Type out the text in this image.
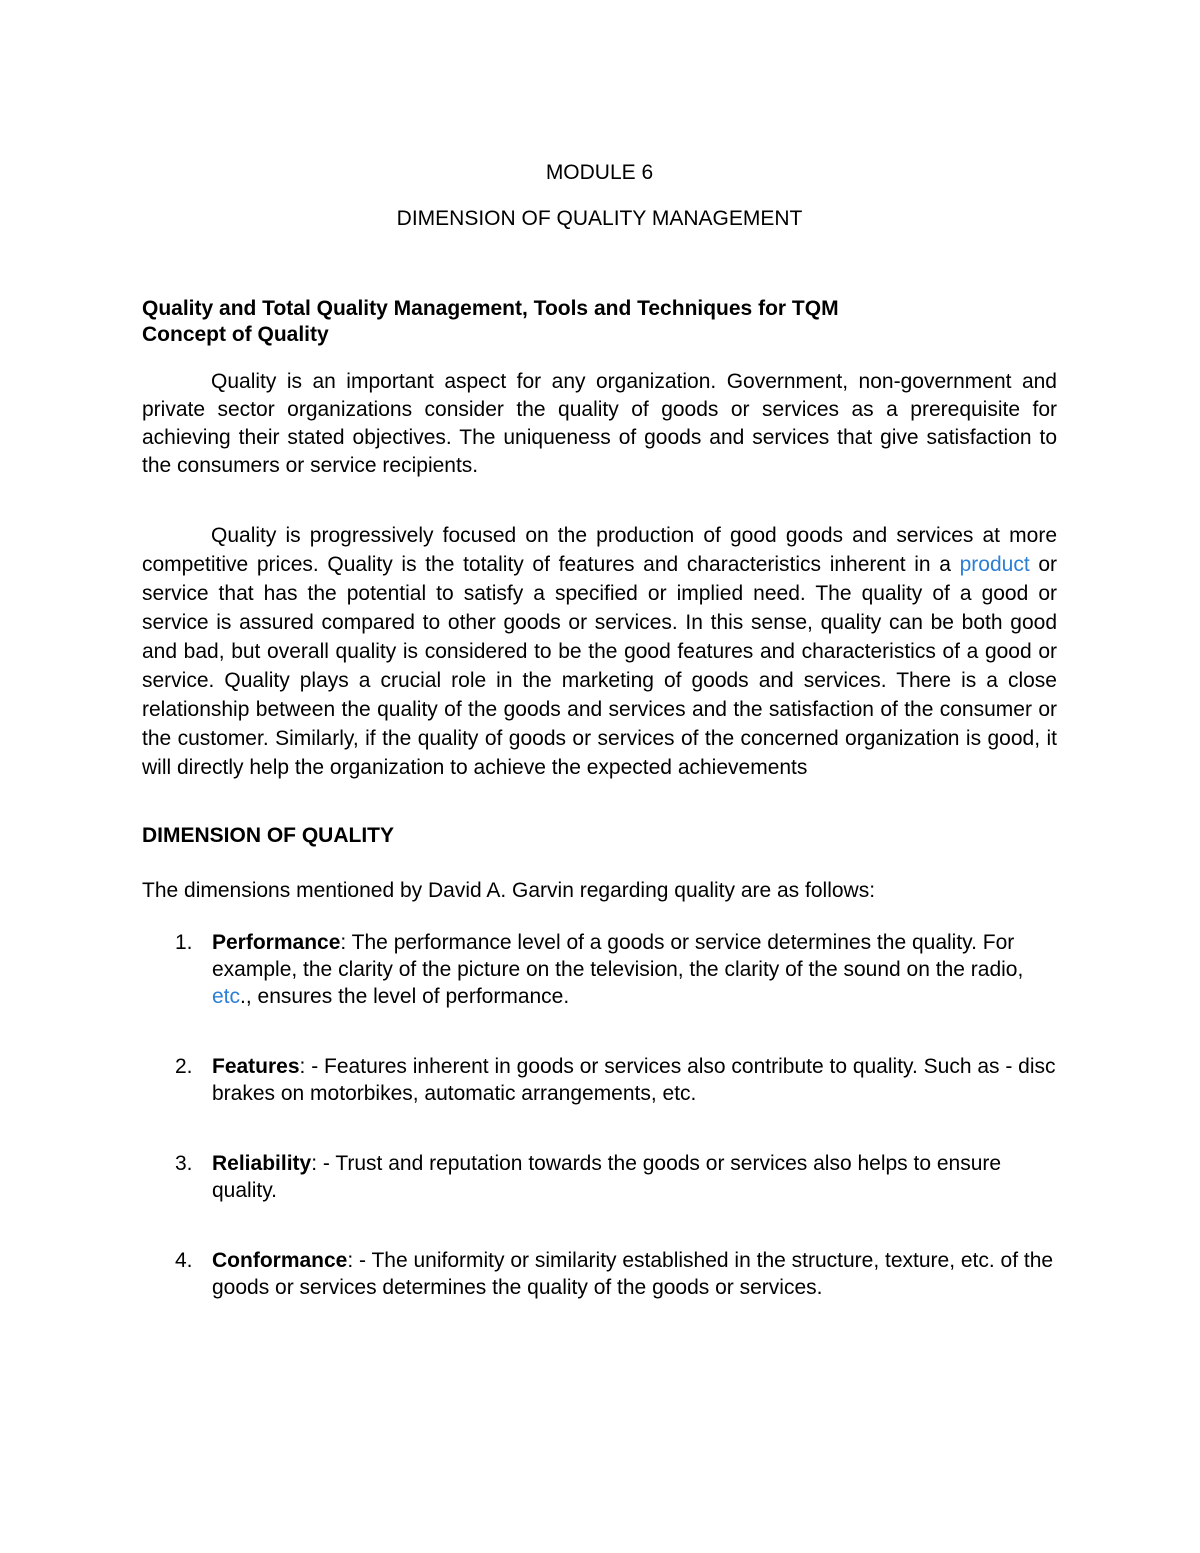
MODULE 6

DIMENSION OF QUALITY MANAGEMENT

Quality and Total Quality Management, Tools and Techniques for TQM

Concept of Quality

Quality is an important aspect for any organization. Government, non-government and private sector organizations consider the quality of goods or services as a prerequisite for achieving their stated objectives. The uniqueness of goods and services that give satisfaction to the consumers or service recipients.

Quality is progressively focused on the production of good goods and services at more competitive prices. Quality is the totality of features and characteristics inherent in a product or service that has the potential to satisfy a specified or implied need. The quality of a good or service is assured compared to other goods or services. In this sense, quality can be both good and bad, but overall quality is considered to be the good features and characteristics of a good or service. Quality plays a crucial role in the marketing of goods and services. There is a close relationship between the quality of the goods and services and the satisfaction of the consumer or the customer. Similarly, if the quality of goods or services of the concerned organization is good, it will directly help the organization to achieve the expected achievements

DIMENSION OF QUALITY

The dimensions mentioned by David A. Garvin regarding quality are as follows:

1. Performance: The performance level of a goods or service determines the quality. For example, the clarity of the picture on the television, the clarity of the sound on the radio, etc., ensures the level of performance.
2. Features: - Features inherent in goods or services also contribute to quality. Such as - disc brakes on motorbikes, automatic arrangements, etc.
3. Reliability: - Trust and reputation towards the goods or services also helps to ensure quality.
4. Conformance: - The uniformity or similarity established in the structure, texture, etc. of the goods or services determines the quality of the goods or services.
